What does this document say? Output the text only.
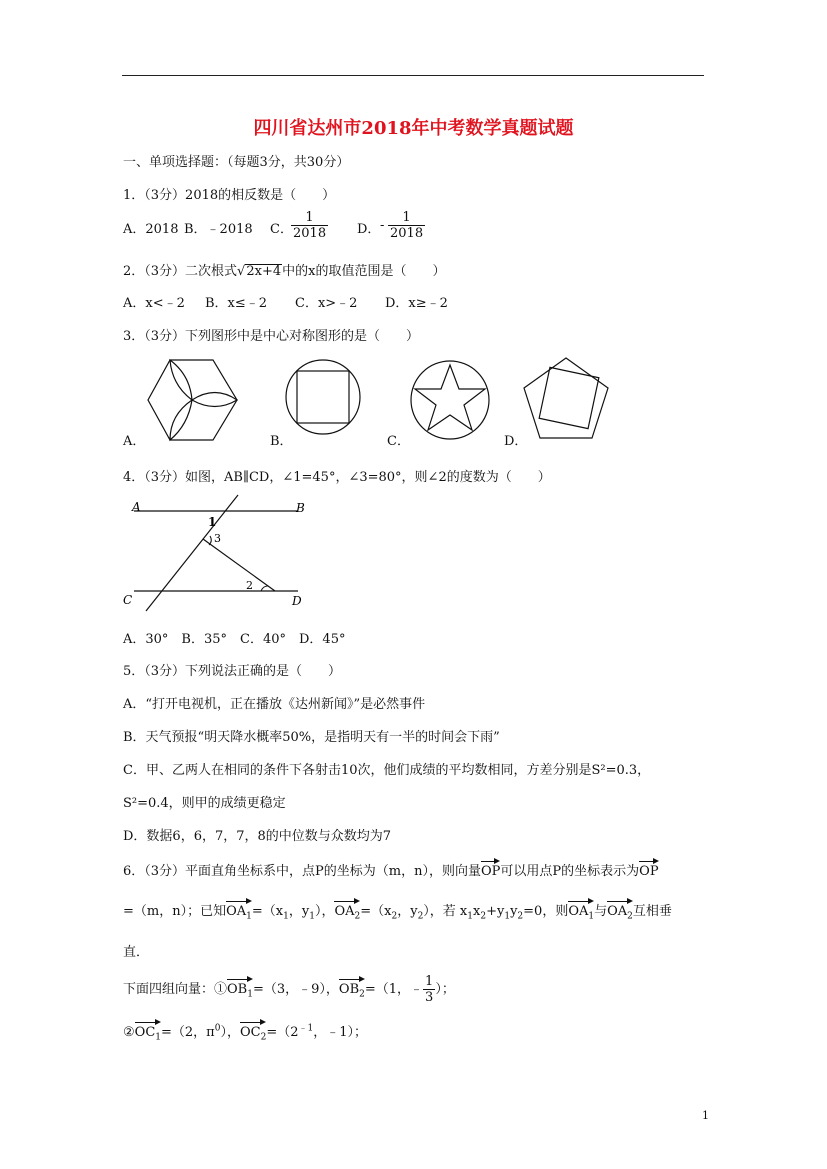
四川省达州市2018年中考数学真题试题
一、单项选择题：（每题3分，共30分）
1．（3分）2018的相反数是（　　）
A．2018 B．﹣2018 C．
$\frac{1}{2018}$ D． - $\frac{1}{2018}$
2．（3分）二次根式√2x+4中的x的取值范围是（　　）
A．x<﹣2 B．x≤﹣2 C．x>﹣2 D．x≥﹣2
3．（3分）下列图形中是中心对称图形的是（　　）
A．	B．	C．	D．
4．（3分）如图，AB∥CD，∠1=45°，∠3=80°，则∠2的度数为（　　）
A	B
C	D
1
3
2
A．30°　B．35°　C．40°　D．45°
5．（3分）下列说法正确的是（　　）
A．“打开电视机，正在播放《达州新闻》”是必然事件
B．天气预报“明天降水概率50%，是指明天有一半的时间会下雨”
C．甲、乙两人在相同的条件下各射击10次，他们成绩的平均数相同，方差分别是S²=0.3，
S²=0.4，则甲的成绩更稳定
D．数据6，6，7，7，8的中位数与众数均为7
6．（3分）平面直角坐标系中，点P的坐标为（m，n），则向量OP可以用点P的坐标表示为OP
=（m，n）；已知$OA_1=(x_1$，$y_1$），$OA_2=(x_2$，$y_2$），若 $x_1x_2+y_1y_2=0$，则$OA_1$与$OA_2$互相垂
直．
下面四组向量：$①OB_1=(3$，﹣9），$OB_2=(1$，﹣ $\frac{1}{3}$ ）；
$②OC_1=(2$，$\pi^0$），$OC_2=(2^{﹣1}$，﹣1）；
1
